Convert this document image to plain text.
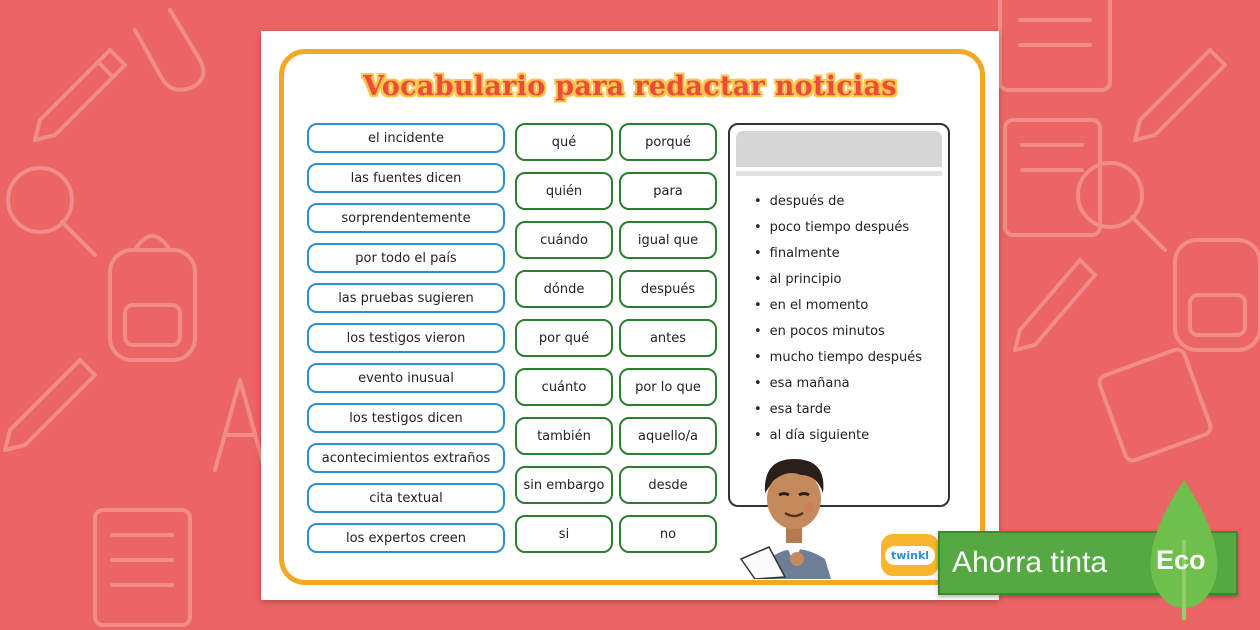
Vocabulario para redactar noticias
el incidente
las fuentes dicen
sorprendentemente
por todo el país
las pruebas sugieren
los testigos vieron
evento inusual
los testigos dicen
acontecimientos extraños
cita textual
los expertos creen
qué	porqué
quién	para
cuándo	igual que
dónde	después
por qué	antes
cuánto	por lo que
también	aquello/a
sin embargo	desde
si	no
• después de
• poco tiempo después
• finalmente
• al principio
• en el momento
• en pocos minutos
• mucho tiempo después
• esa mañana
• esa tarde
• al día siguiente
twinkl Ahorra tinta Eco
